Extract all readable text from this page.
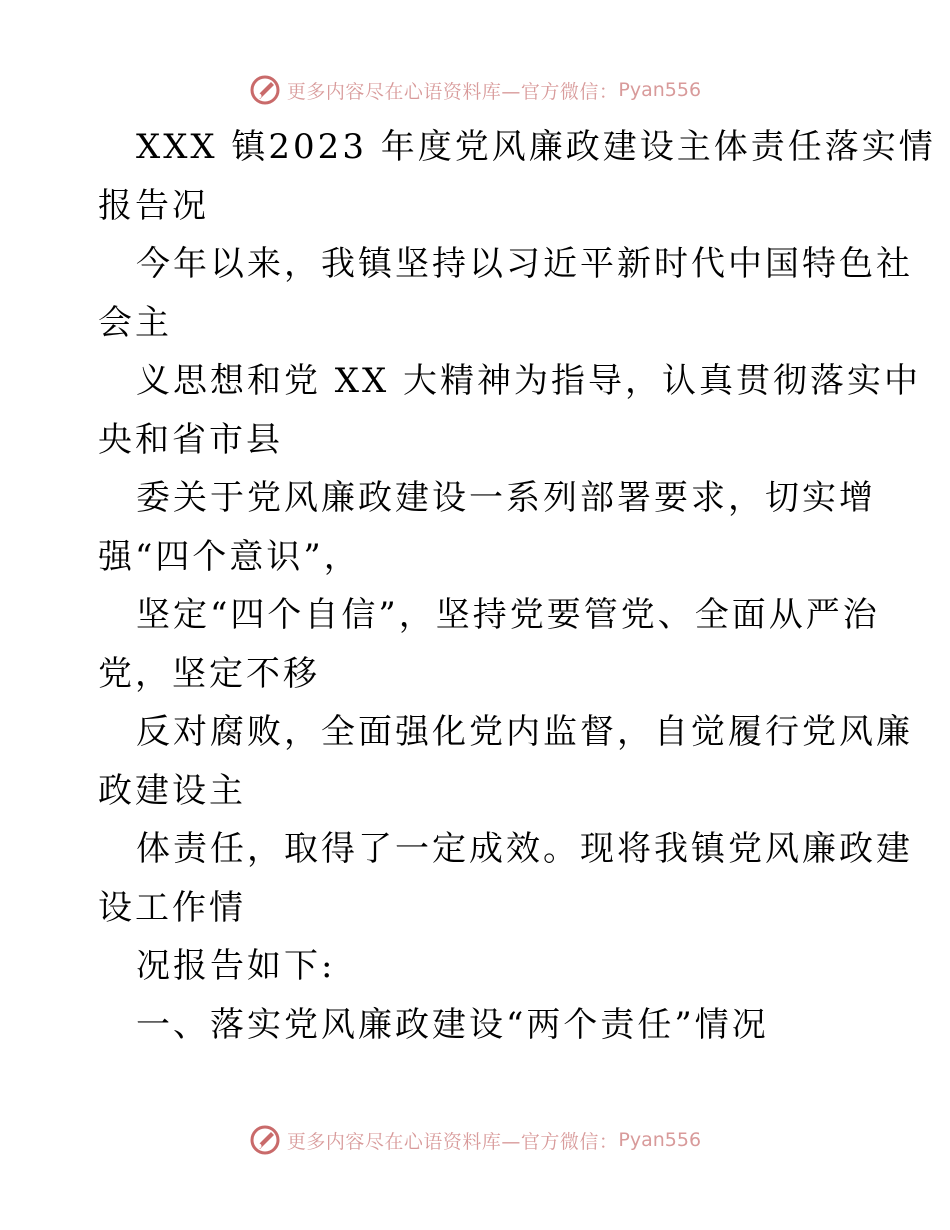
更多内容尽在心语资料库—官方微信： Pyan556
XXX 镇2023 年度党风廉政建设主体责任落实情
报告况
今年以来，我镇坚持以习近平新时代中国特色社
会主
义思想和党 XX 大精神为指导，认真贯彻落实中
央和省市县
委关于党风廉政建设一系列部署要求，切实增
强“四个意识”，
坚定“四个自信”，坚持党要管党、全面从严治
党，坚定不移
反对腐败，全面强化党内监督，自觉履行党风廉
政建设主
体责任，取得了一定成效。现将我镇党风廉政建
设工作情
况报告如下:
一、落实党风廉政建设“两个责任”情况
更多内容尽在心语资料库—官方微信： Pyan556
